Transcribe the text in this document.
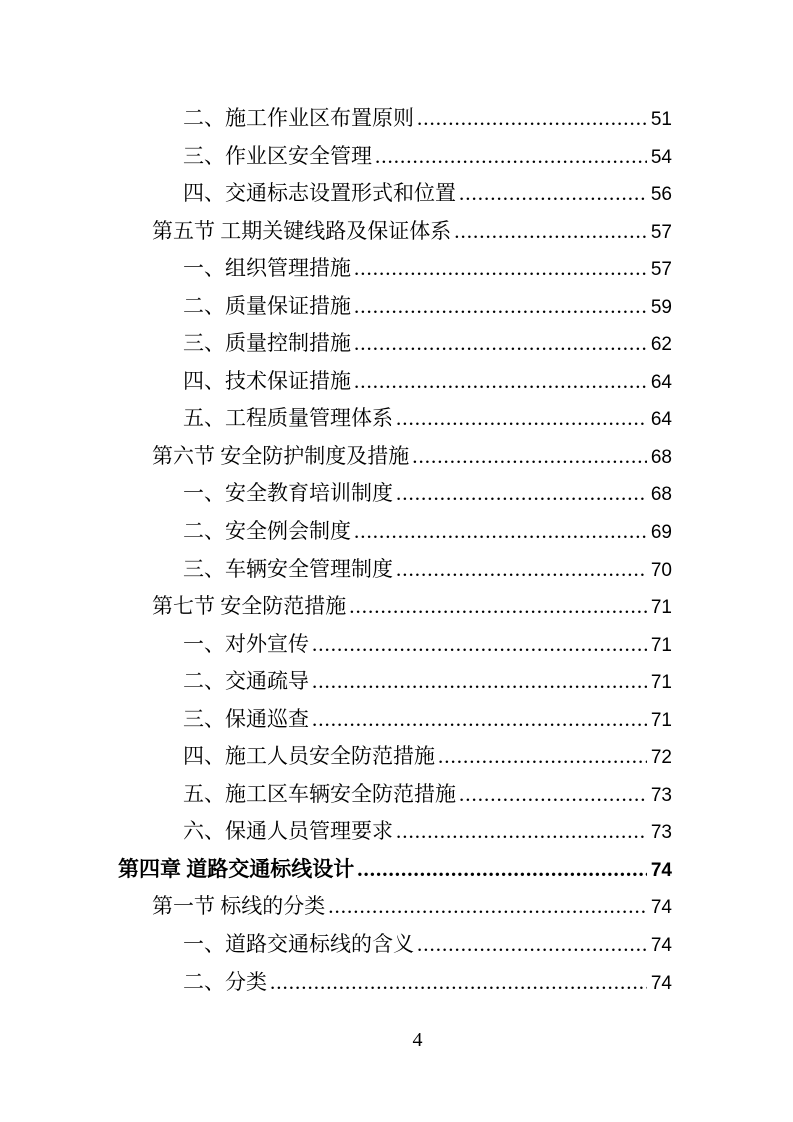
二、施工作业区布置原则 .....	51
三、作业区安全管理 .....	54
四、交通标志设置形式和位置 .....	56
第五节 工期关键线路及保证体系 .....	57
一、组织管理措施 .....	57
二、质量保证措施 .....	59
三、质量控制措施 .....	62
四、技术保证措施 .....	64
五、工程质量管理体系 .....	64
第六节 安全防护制度及措施 .....	68
一、安全教育培训制度 .....	68
二、安全例会制度 .....	69
三、车辆安全管理制度 .....	70
第七节 安全防范措施 .....	71
一、对外宣传 .....	71
二、交通疏导 .....	71
三、保通巡查 .....	71
四、施工人员安全防范措施 .....	72
五、施工区车辆安全防范措施 .....	73
六、保通人员管理要求 .....	73
第四章 道路交通标线设计 .....	74
第一节 标线的分类 .....	74
一、道路交通标线的含义 .....	74
二、分类 .....	74
4
